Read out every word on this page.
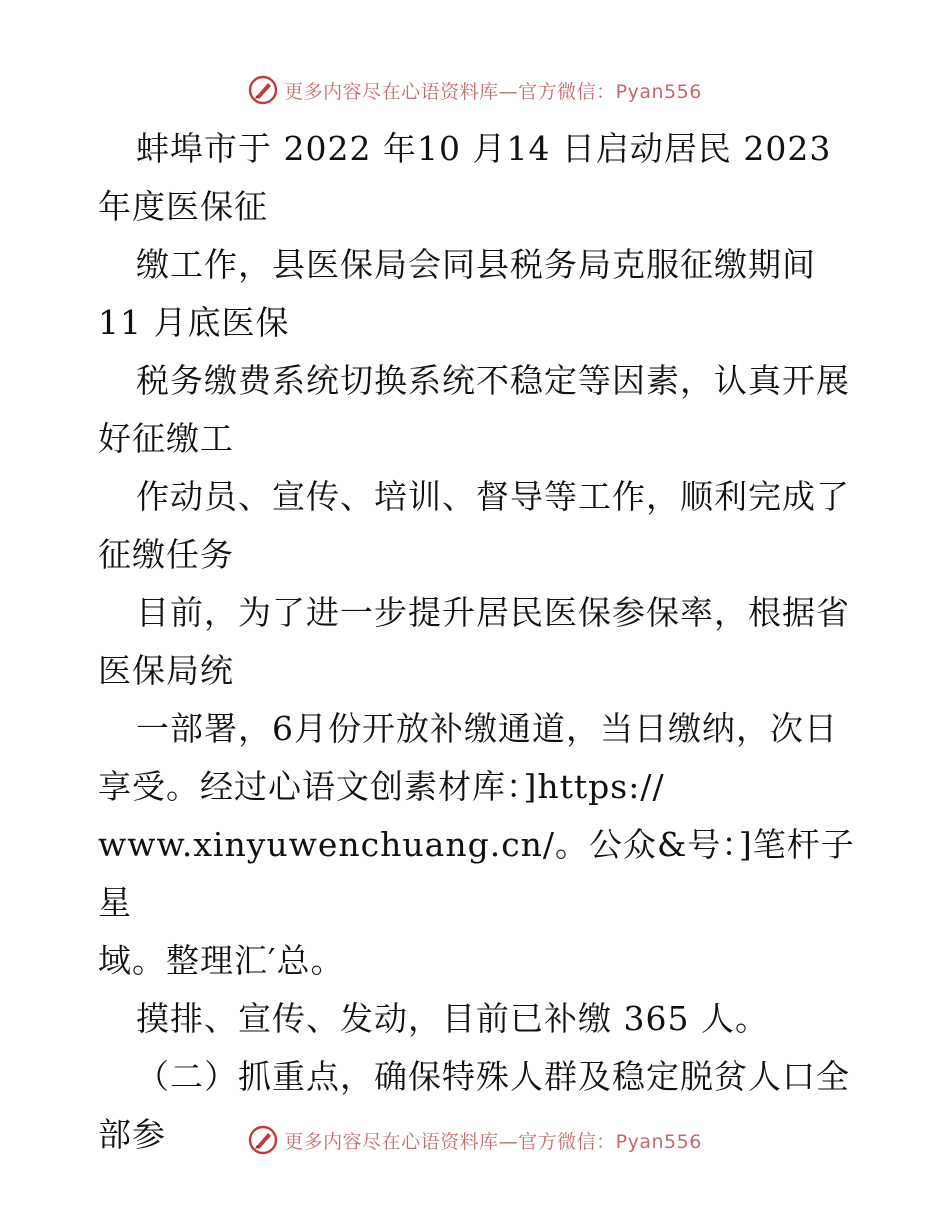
更多内容尽在心语资料库—官方微信：Pyan556

蚌埠市于 2022 年10 月14 日启动居民 2023

年度医保征

缴工作，县医保局会同县税务局克服征缴期间

11 月底医保

税务缴费系统切换系统不稳定等因素，认真开展

好征缴工

作动员、宣传、培训、督导等工作，顺利完成了

征缴任务

目前，为了进一步提升居民医保参保率，根据省

医保局统

一部署，6月份开放补缴通道，当日缴纳，次日

享受。经过心语文创素材库：]https://

www.xinyuwenchuang.cn/。公众&号：]笔杆子星

域。整理汇′总。

摸排、宣传、发动，目前已补缴 365 人。

（二）抓重点，确保特殊人群及稳定脱贫人口全

部参	更多内容尽在心语资料库—官方微信：Pyan556
